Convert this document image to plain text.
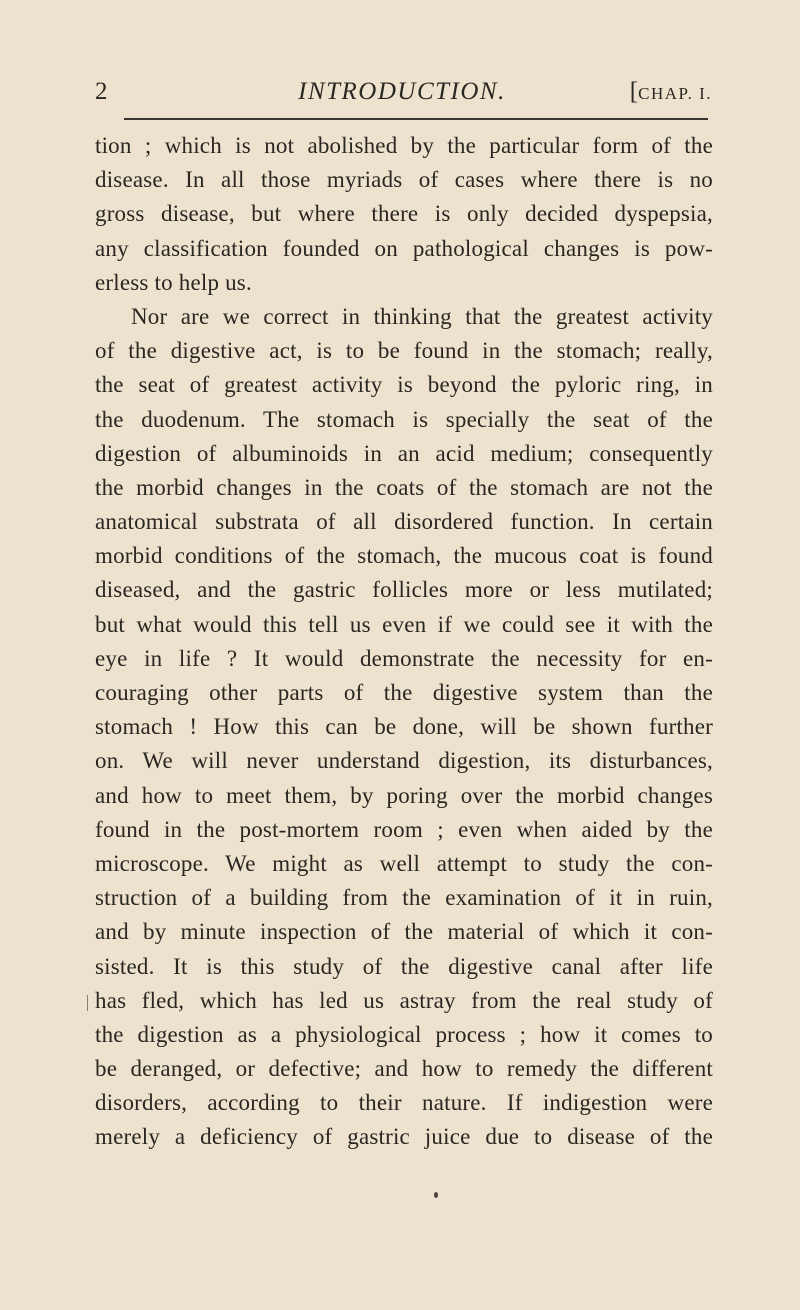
2	INTRODUCTION.	[CHAP. I.
tion ; which is not abolished by the particular form of the
disease. In all those myriads of cases where there is no
gross disease, but where there is only decided dyspepsia,
any classification founded on pathological changes is pow-
erless to help us.
Nor are we correct in thinking that the greatest activity
of the digestive act, is to be found in the stomach; really,
the seat of greatest activity is beyond the pyloric ring, in
the duodenum. The stomach is specially the seat of the
digestion of albuminoids in an acid medium; consequently
the morbid changes in the coats of the stomach are not the
anatomical substrata of all disordered function. In certain
morbid conditions of the stomach, the mucous coat is found
diseased, and the gastric follicles more or less mutilated;
but what would this tell us even if we could see it with the
eye in life ? It would demonstrate the necessity for en-
couraging other parts of the digestive system than the
stomach ! How this can be done, will be shown further
on. We will never understand digestion, its disturbances,
and how to meet them, by poring over the morbid changes
found in the post-mortem room ; even when aided by the
microscope. We might as well attempt to study the con-
struction of a building from the examination of it in ruin,
and by minute inspection of the material of which it con-
sisted. It is this study of the digestive canal after life
has fled, which has led us astray from the real study of
the digestion as a physiological process ; how it comes to
be deranged, or defective; and how to remedy the different
disorders, according to their nature. If indigestion were
merely a deficiency of gastric juice due to disease of the
